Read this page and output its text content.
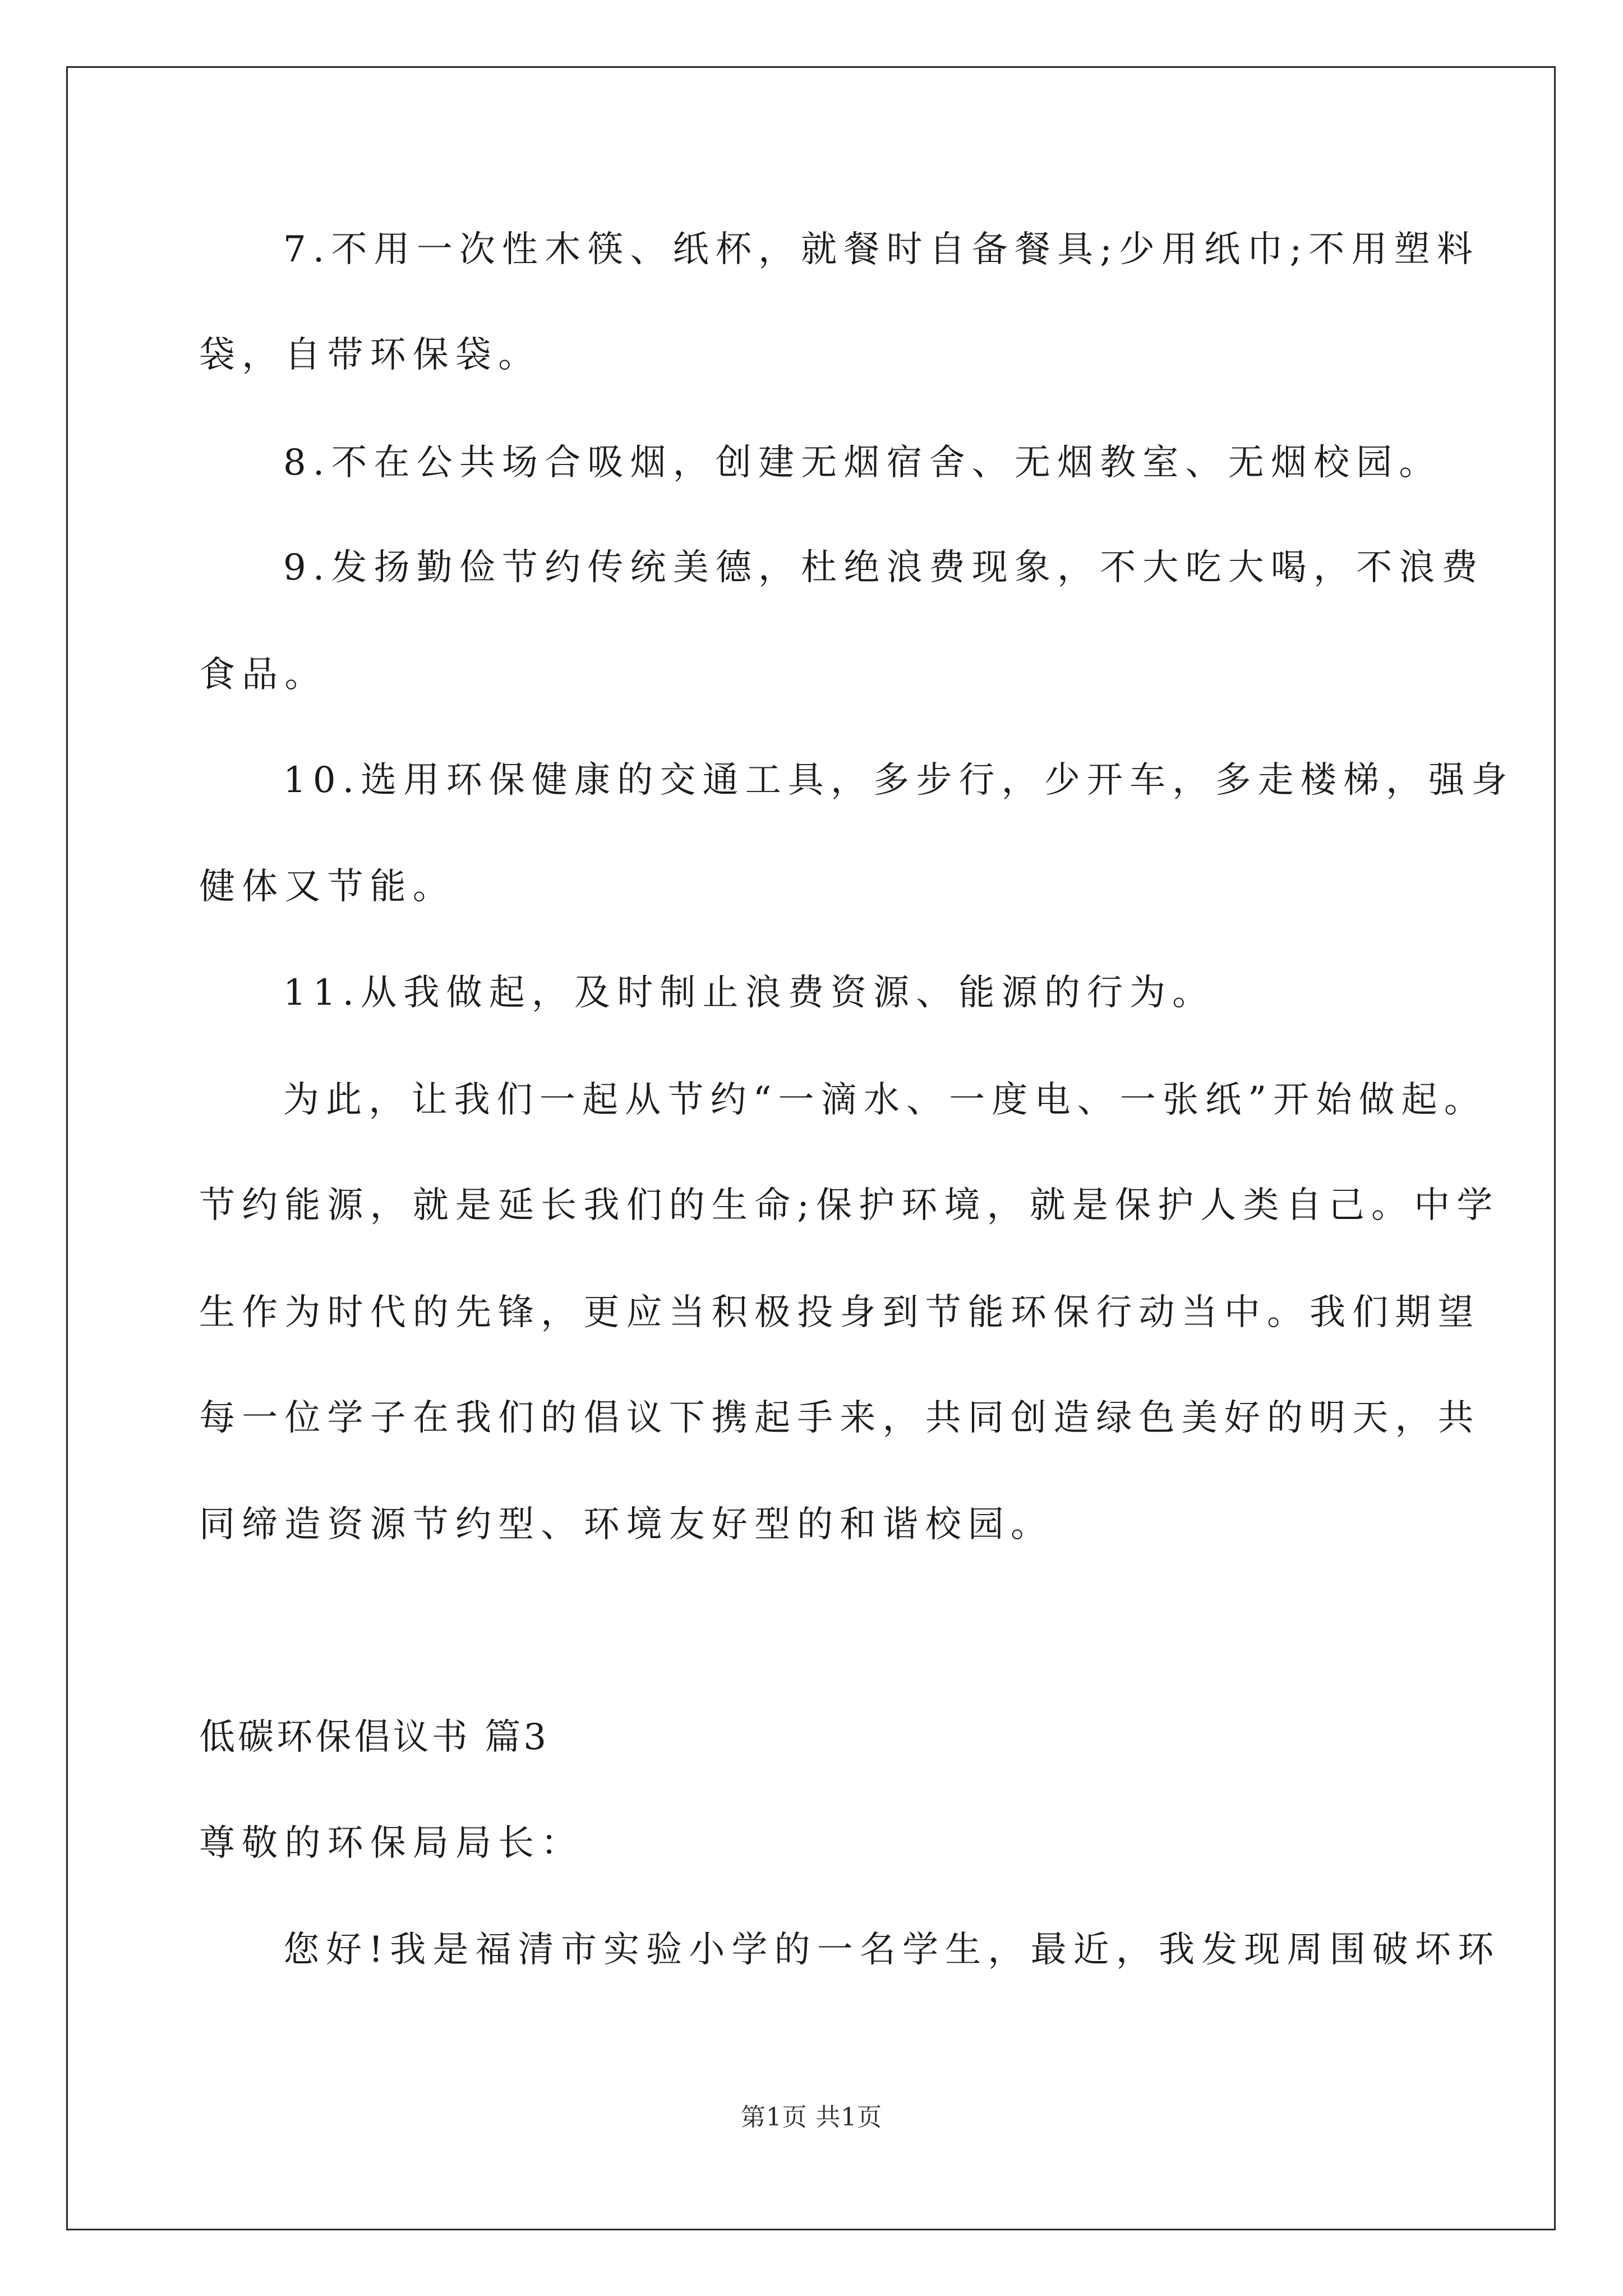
7.不用一次性木筷、纸杯，就餐时自备餐具;少用纸巾;不用塑料
袋，自带环保袋。
8.不在公共场合吸烟，创建无烟宿舍、无烟教室、无烟校园。
9.发扬勤俭节约传统美德，杜绝浪费现象，不大吃大喝，不浪费
食品。
10.选用环保健康的交通工具，多步行，少开车，多走楼梯，强身
健体又节能。
11.从我做起，及时制止浪费资源、能源的行为。
为此，让我们一起从节约“一滴水、一度电、一张纸”开始做起。
节约能源，就是延长我们的生命;保护环境，就是保护人类自己。中学
生作为时代的先锋，更应当积极投身到节能环保行动当中。我们期望
每一位学子在我们的倡议下携起手来，共同创造绿色美好的明天，共
同缔造资源节约型、环境友好型的和谐校园。
低碳环保倡议书 篇3
尊敬的环保局局长：
您好!我是福清市实验小学的一名学生，最近，我发现周围破坏环
第1页 共1页
